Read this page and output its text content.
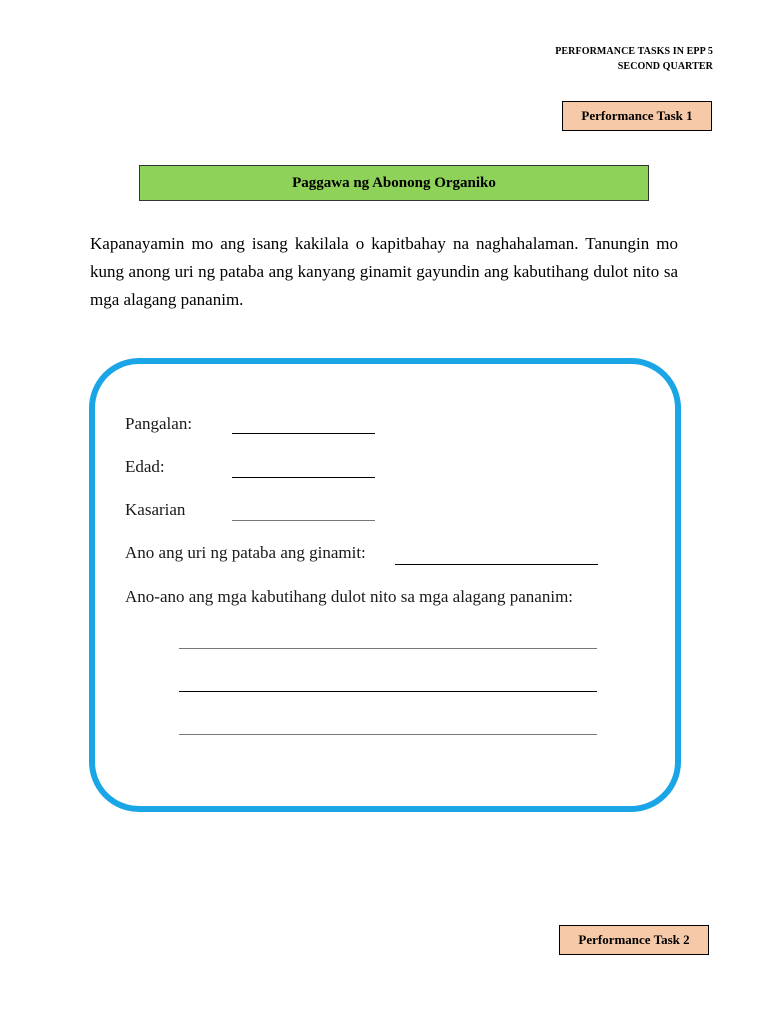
PERFORMANCE TASKS IN EPP 5
SECOND QUARTER
Performance Task 1
Paggawa ng Abonong Organiko
Kapanayamin mo ang isang kakilala o kapitbahay na naghahalaman. Tanungin mo kung anong uri ng pataba ang kanyang ginamit gayundin ang kabutihang dulot nito sa mga alagang pananim.
Pangalan:
Edad:
Kasarian
Ano ang uri ng pataba ang ginamit:
Ano-ano ang mga kabutihang dulot nito sa mga alagang pananim:
Performance Task 2
